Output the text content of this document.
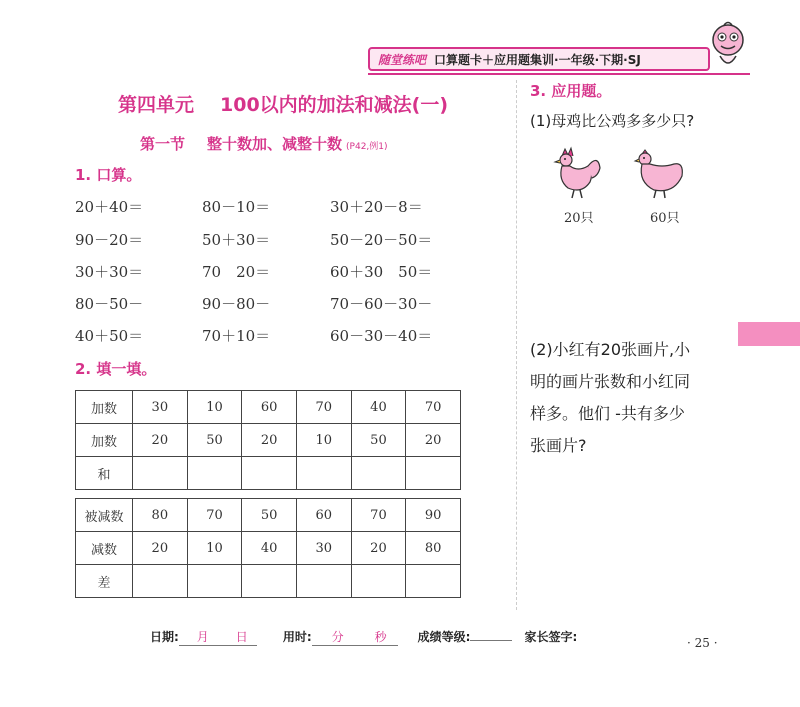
随堂练吧 口算题卡＋应用题集训·一年级·下期·SJ
第四单元 100以内的加法和减法(一)
第一节 整十数加、减整十数 (P42,例1)
1. 口算。
20＋40＝	80－10＝	30＋20－8＝
90－20＝	50＋30＝	50－20－50＝
30＋30＝	70　20＝	60＋30　50＝
80－50－	90－80－	70－60－30－
40＋50＝	70＋10＝	60－30－40＝
2. 填一填。
加数	30	10	60	70	40	70
加数	20	50	20	10	50	20
和						
被减数	80	70	50	60	70	90
减数	20	10	40	30	20	80
差						
3. 应用题。
(1)母鸡比公鸡多多少只?
20只	60只
(2)小红有20张画片,小
明的画片张数和小红同
样多。他们 -共有多少
张画片?
日期:	月	日	用时:	分	秒	成绩等级:	家长签字:	· 25 ·
